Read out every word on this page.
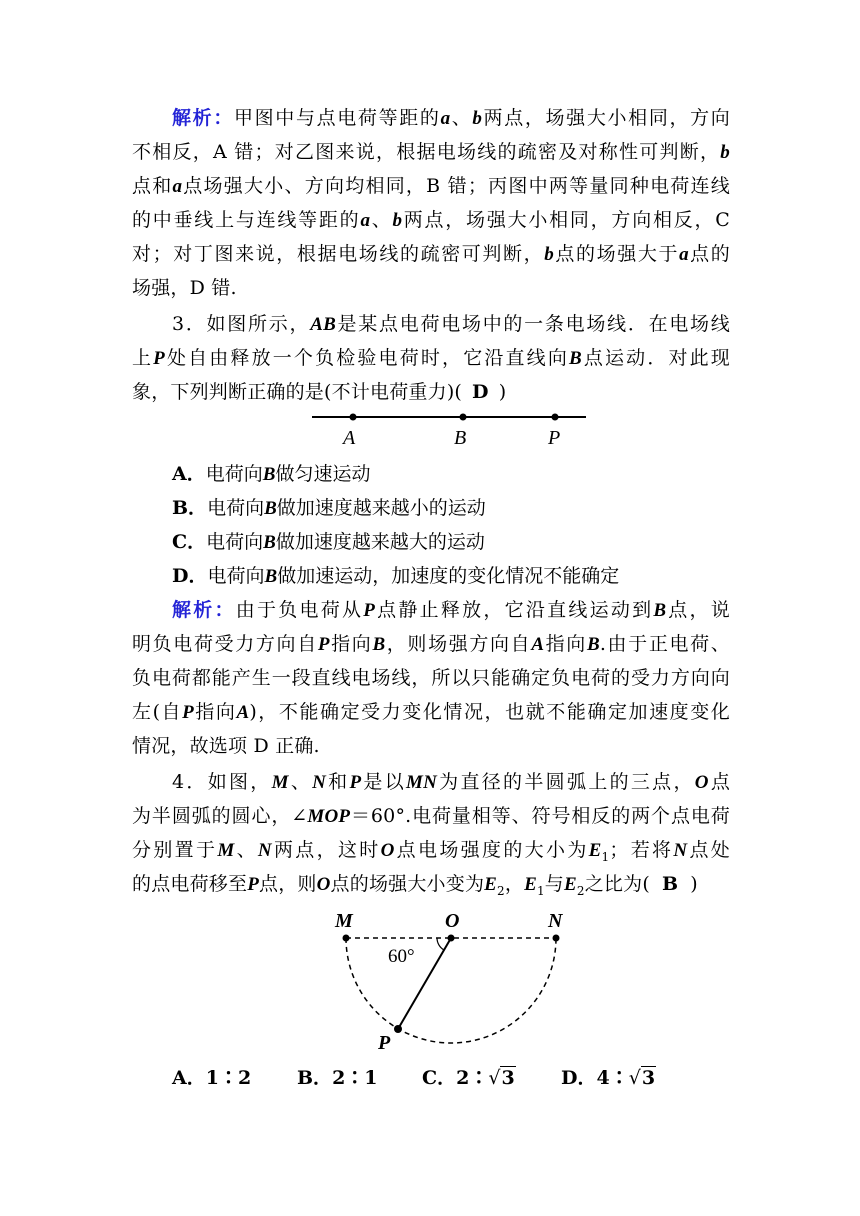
解析：甲图中与点电荷等距的a、b两点，场强大小相同，方向
不相反，A 错；对乙图来说，根据电场线的疏密及对称性可判断，b
点和a点场强大小、方向均相同，B 错；丙图中两等量同种电荷连线
的中垂线上与连线等距的a、b两点，场强大小相同，方向相反，C
对；对丁图来说，根据电场线的疏密可判断，b点的场强大于a点的
场强，D 错.
3．如图所示，AB是某点电荷电场中的一条电场线．在电场线
上P处自由释放一个负检验电荷时，它沿直线向B点运动．对此现
象，下列判断正确的是(不计电荷重力)( D )
A	B	P
A．电荷向B做匀速运动
B．电荷向B做加速度越来越小的运动
C．电荷向B做加速度越来越大的运动
D．电荷向B做加速运动，加速度的变化情况不能确定
解析：由于负电荷从P点静止释放，它沿直线运动到B点，说
明负电荷受力方向自P指向B，则场强方向自A指向B.由于正电荷、
负电荷都能产生一段直线电场线，所以只能确定负电荷的受力方向向
左(自P指向A)，不能确定受力变化情况，也就不能确定加速度变化
情况，故选项 D 正确.
4．如图，M、N和P是以MN为直径的半圆弧上的三点，O点
为半圆弧的圆心，∠MOP＝60°.电荷量相等、符号相反的两个点电荷
分别置于M、N两点，这时O点电场强度的大小为$E_1$；若将N点处
的点电荷移至P点，则O点的场强大小变为$E_2$，$E_1$与$E_2$之比为( B )
M	O	N
P
60°
A．1∶2 B．2∶1 C．2∶√3 D．4∶√3
